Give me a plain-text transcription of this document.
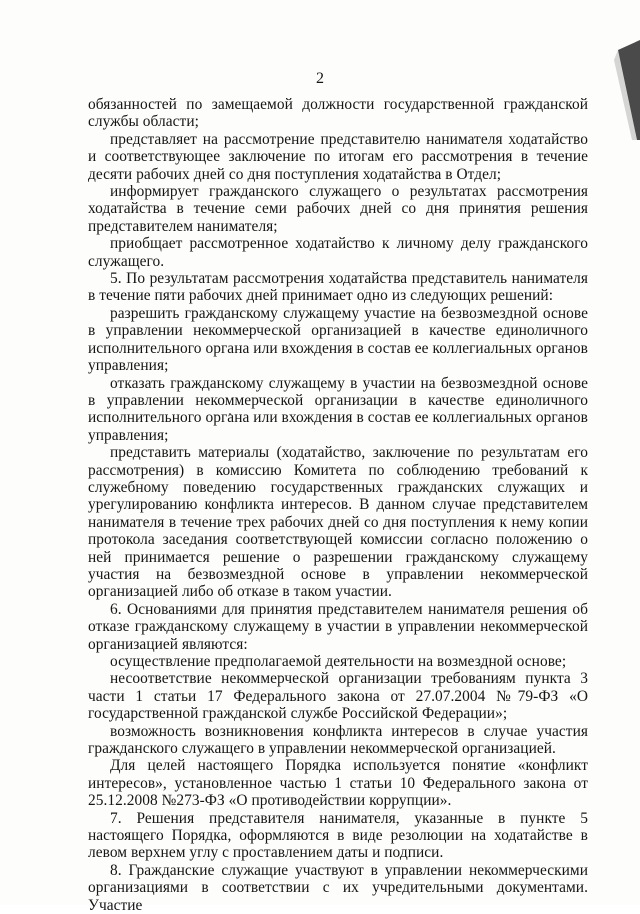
2

обязанностей по замещаемой должности государственной гражданской службы области;

представляет на рассмотрение представителю нанимателя ходатайство и соответствующее заключение по итогам его рассмотрения в течение десяти рабочих дней со дня поступления ходатайства в Отдел;

информирует гражданского служащего о результатах рассмотрения ходатайства в течение семи рабочих дней со дня принятия решения представителем нанимателя;

приобщает рассмотренное ходатайство к личному делу гражданского служащего.

5. По результатам рассмотрения ходатайства представитель нанимателя в течение пяти рабочих дней принимает одно из следующих решений:

разрешить гражданскому служащему участие на безвозмездной основе в управлении некоммерческой организацией в качестве единоличного исполнительного органа или вхождения в состав ее коллегиальных органов управления;

отказать гражданскому служащему в участии на безвозмездной основе в управлении некоммерческой организации в качестве единоличного исполнительного органа или вхождения в состав ее коллегиальных органов управления;

представить материалы (ходатайство, заключение по результатам его рассмотрения) в комиссию Комитета по соблюдению требований к служебному поведению государственных гражданских служащих и урегулированию конфликта интересов. В данном случае представителем нанимателя в течение трех рабочих дней со дня поступления к нему копии протокола заседания соответствующей комиссии согласно положению о ней принимается решение о разрешении гражданскому служащему участия на безвозмездной основе в управлении некоммерческой организацией либо об отказе в таком участии.

6. Основаниями для принятия представителем нанимателя решения об отказе гражданскому служащему в участии в управлении некоммерческой организацией являются:

осуществление предполагаемой деятельности на возмездной основе;

несоответствие некоммерческой организации требованиям пункта 3 части 1 статьи 17 Федерального закона от 27.07.2004 №79-ФЗ «О государственной гражданской службе Российской Федерации»;

возможность возникновения конфликта интересов в случае участия гражданского служащего в управлении некоммерческой организацией.

Для целей настоящего Порядка используется понятие «конфликт интересов», установленное частью 1 статьи 10 Федерального закона от 25.12.2008 №273-ФЗ «О противодействии коррупции».

7. Решения представителя нанимателя, указанные в пункте 5 настоящего Порядка, оформляются в виде резолюции на ходатайстве в левом верхнем углу с проставлением даты и подписи.

8. Гражданские служащие участвуют в управлении некоммерческими организациями в соответствии с их учредительными документами. Участие
